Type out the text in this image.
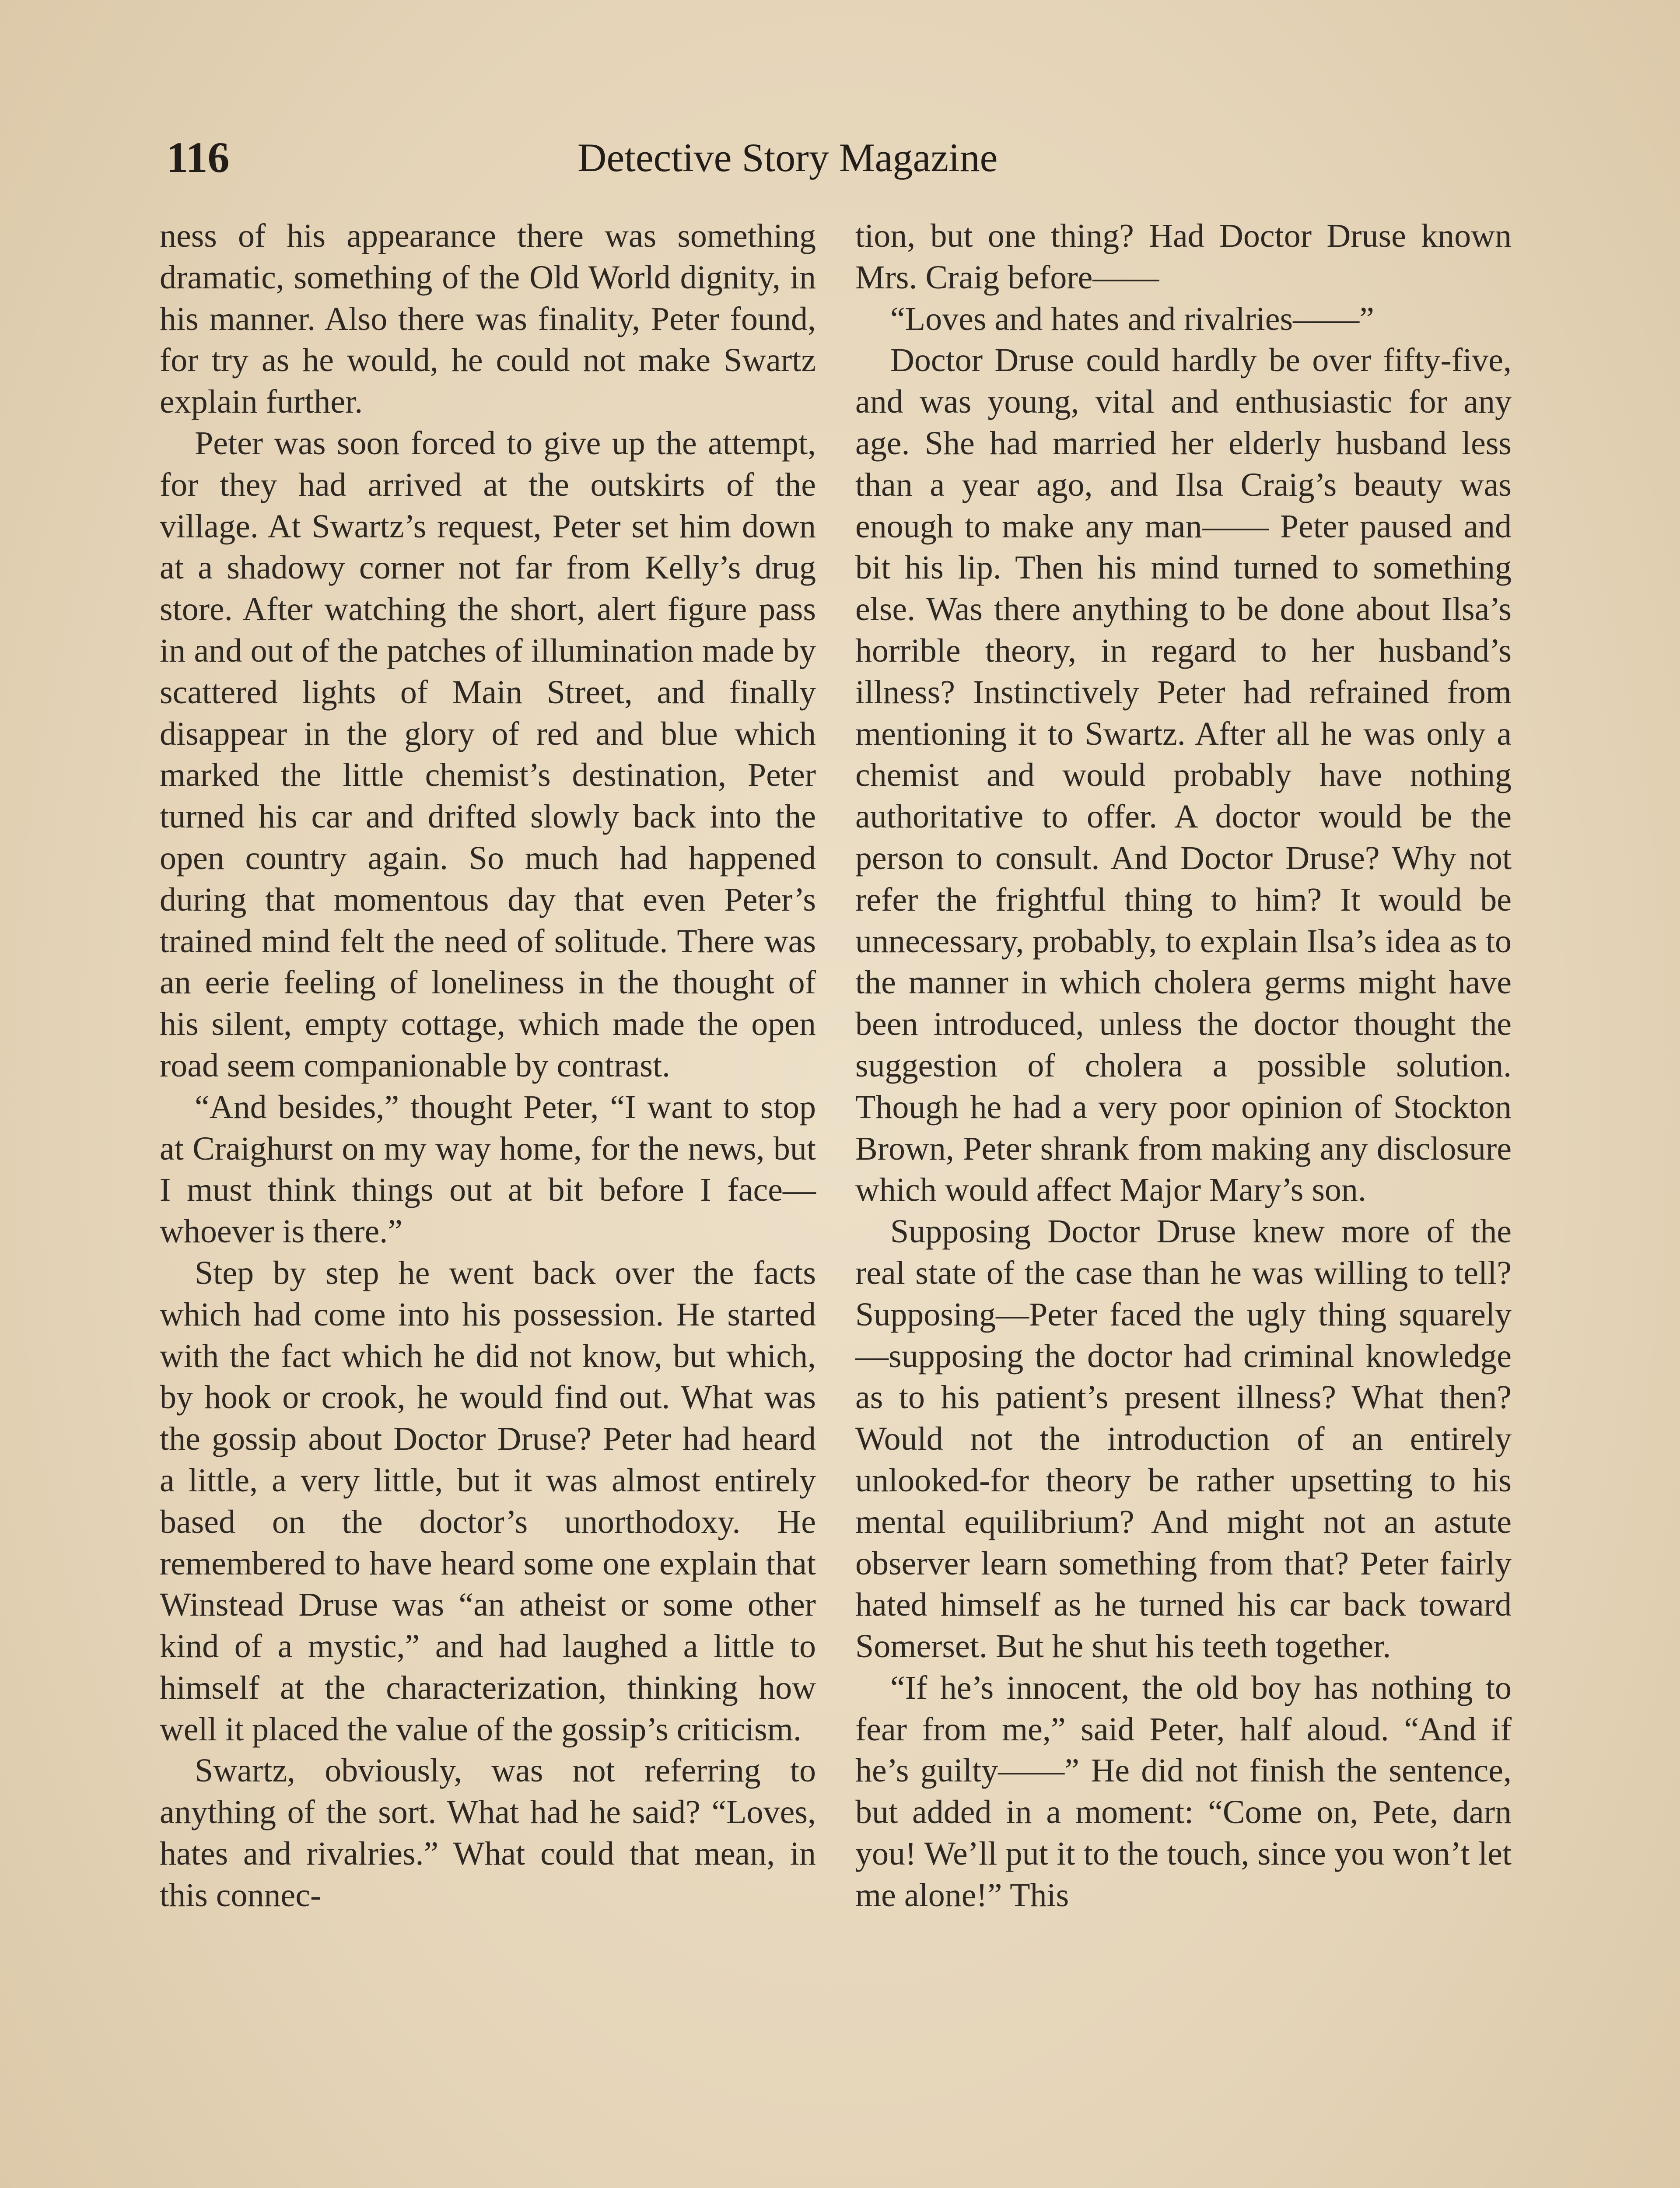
116	Detective Story Magazine

ness of his appearance there was something dramatic, something of the Old World dignity, in his manner. Also there was finality, Peter found, for try as he would, he could not make Swartz explain further.

Peter was soon forced to give up the attempt, for they had arrived at the outskirts of the village. At Swartz’s request, Peter set him down at a shadowy corner not far from Kelly’s drug store. After watching the short, alert figure pass in and out of the patches of illumination made by scattered lights of Main Street, and finally disappear in the glory of red and blue which marked the little chemist’s destination, Peter turned his car and drifted slowly back into the open country again. So much had happened during that momentous day that even Peter’s trained mind felt the need of solitude. There was an eerie feeling of loneliness in the thought of his silent, empty cottage, which made the open road seem companionable by contrast.

“And besides,” thought Peter, “I want to stop at Craighurst on my way home, for the news, but I must think things out at bit before I face—whoever is there.”

Step by step he went back over the facts which had come into his possession. He started with the fact which he did not know, but which, by hook or crook, he would find out. What was the gossip about Doctor Druse? Peter had heard a little, a very little, but it was almost entirely based on the doctor’s unorthodoxy. He remembered to have heard some one explain that Winstead Druse was “an atheist or some other kind of a mystic,” and had laughed a little to himself at the characterization, thinking how well it placed the value of the gossip’s criticism.

Swartz, obviously, was not referring to anything of the sort. What had he said? “Loves, hates and rivalries.” What could that mean, in this connec-

tion, but one thing? Had Doctor Druse known Mrs. Craig before——

“Loves and hates and rivalries——”

Doctor Druse could hardly be over fifty-five, and was young, vital and enthusiastic for any age. She had married her elderly husband less than a year ago, and Ilsa Craig’s beauty was enough to make any man—— Peter paused and bit his lip. Then his mind turned to something else. Was there anything to be done about Ilsa’s horrible theory, in regard to her husband’s illness? Instinctively Peter had refrained from mentioning it to Swartz. After all he was only a chemist and would probably have nothing authoritative to offer. A doctor would be the person to consult. And Doctor Druse? Why not refer the frightful thing to him? It would be unnecessary, probably, to explain Ilsa’s idea as to the manner in which cholera germs might have been introduced, unless the doctor thought the suggestion of cholera a possible solution. Though he had a very poor opinion of Stockton Brown, Peter shrank from making any disclosure which would affect Major Mary’s son.

Supposing Doctor Druse knew more of the real state of the case than he was willing to tell? Supposing—Peter faced the ugly thing squarely—supposing the doctor had criminal knowledge as to his patient’s present illness? What then? Would not the introduction of an entirely unlooked-for theory be rather upsetting to his mental equilibrium? And might not an astute observer learn something from that? Peter fairly hated himself as he turned his car back toward Somerset. But he shut his teeth together.

“If he’s innocent, the old boy has nothing to fear from me,” said Peter, half aloud. “And if he’s guilty——” He did not finish the sentence, but added in a moment: “Come on, Pete, darn you! We’ll put it to the touch, since you won’t let me alone!” This
